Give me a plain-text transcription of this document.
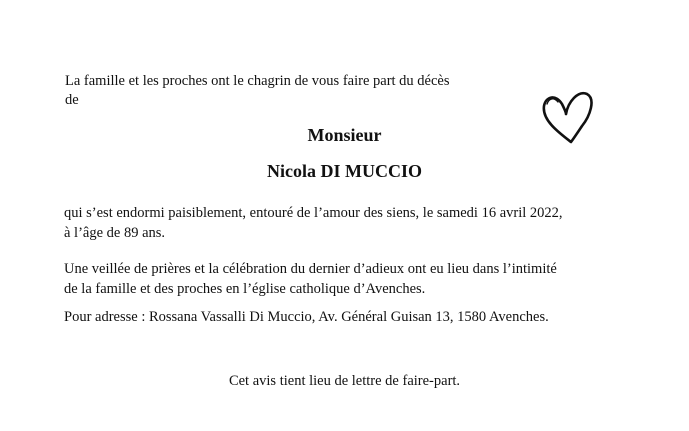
La famille et les proches ont le chagrin de vous faire part du décès
de
Monsieur
Nicola DI MUCCIO
qui s’est endormi paisiblement, entouré de l’amour des siens, le samedi 16 avril 2022,
à l’âge de 89 ans.
Une veillée de prières et la célébration du dernier d’adieux ont eu lieu dans l’intimité
de la famille et des proches en l’église catholique d’Avenches.
Pour adresse : Rossana Vassalli Di Muccio, Av. Général Guisan 13, 1580 Avenches.
Cet avis tient lieu de lettre de faire-part.
